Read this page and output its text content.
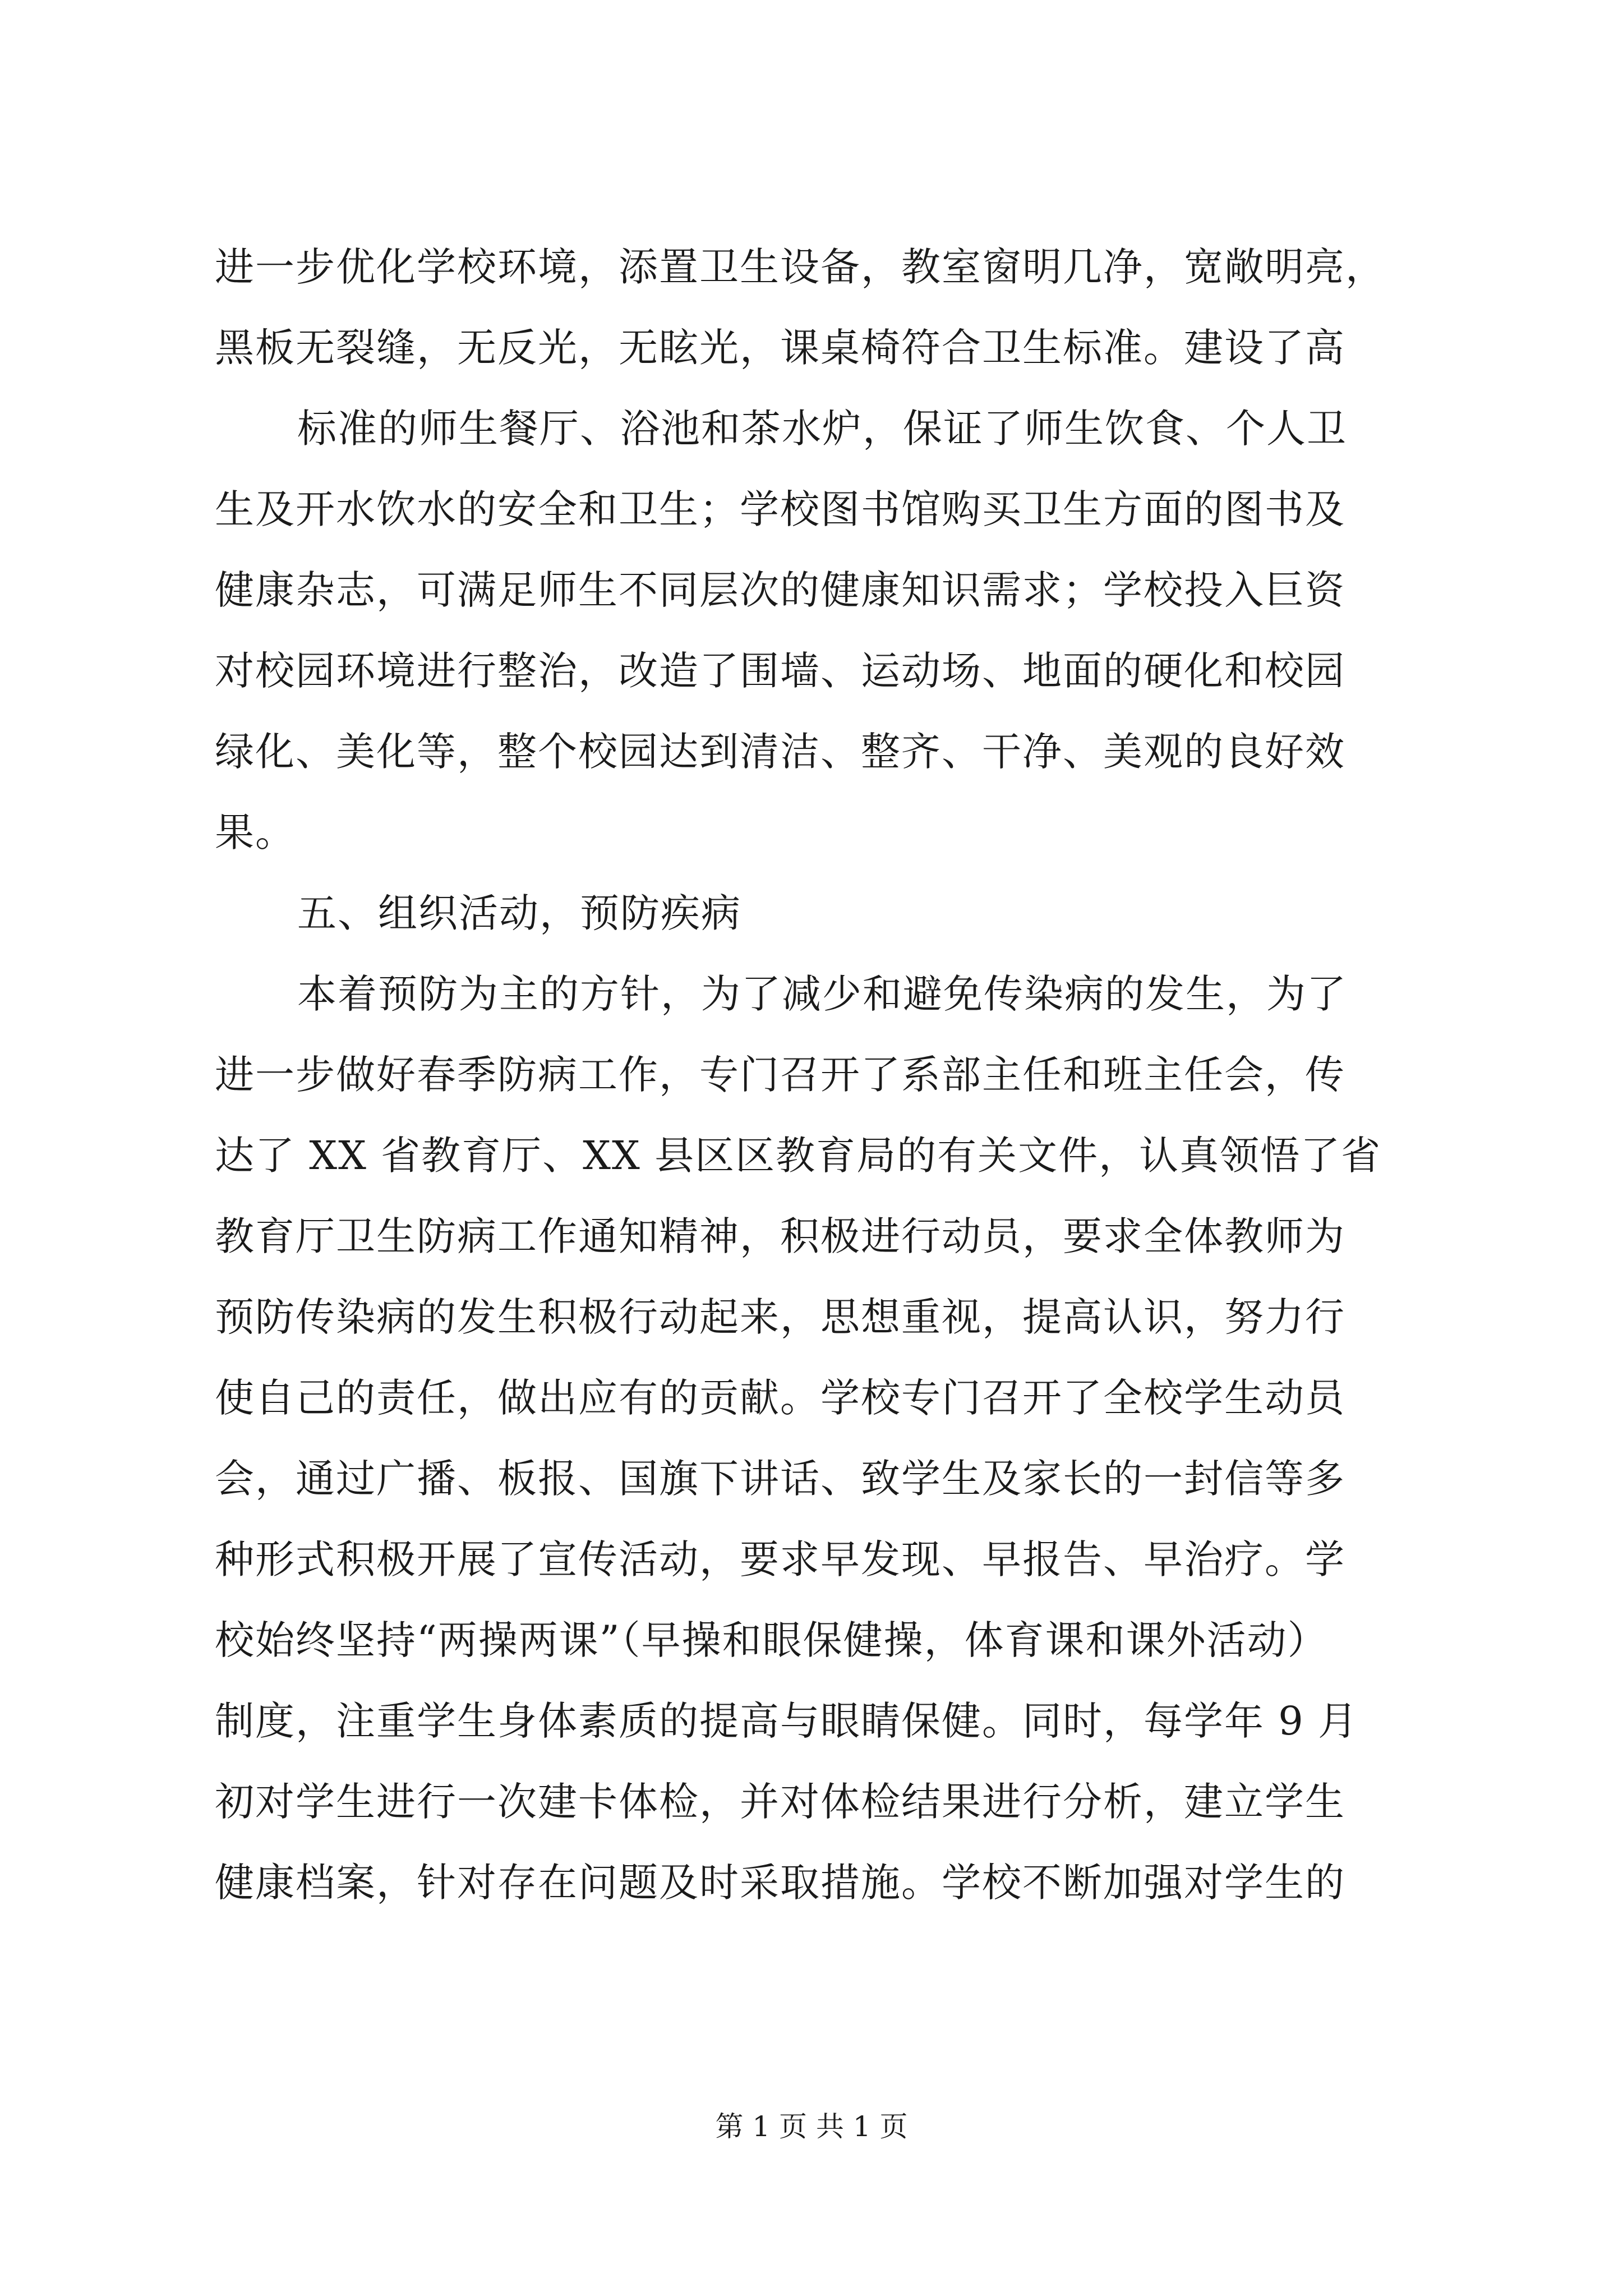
进一步优化学校环境，添置卫生设备，教室窗明几净，宽敞明亮，
黑板无裂缝，无反光，无眩光，课桌椅符合卫生标准。建设了高
标准的师生餐厅、浴池和茶水炉，保证了师生饮食、个人卫
生及开水饮水的安全和卫生；学校图书馆购买卫生方面的图书及
健康杂志，可满足师生不同层次的健康知识需求；学校投入巨资
对校园环境进行整治，改造了围墙、运动场、地面的硬化和校园
绿化、美化等，整个校园达到清洁、整齐、干净、美观的良好效
果。
五、组织活动，预防疾病
本着预防为主的方针，为了减少和避免传染病的发生，为了
进一步做好春季防病工作，专门召开了系部主任和班主任会，传
达了 XX 省教育厅、XX 县区区教育局的有关文件，认真领悟了省
教育厅卫生防病工作通知精神，积极进行动员，要求全体教师为
预防传染病的发生积极行动起来，思想重视，提高认识，努力行
使自己的责任，做出应有的贡献。学校专门召开了全校学生动员
会，通过广播、板报、国旗下讲话、致学生及家长的一封信等多
种形式积极开展了宣传活动，要求早发现、早报告、早治疗。学
校始终坚持“两操两课”（早操和眼保健操，体育课和课外活动）
制度，注重学生身体素质的提高与眼睛保健。同时，每学年 9 月
初对学生进行一次建卡体检，并对体检结果进行分析，建立学生
健康档案，针对存在问题及时采取措施。学校不断加强对学生的
第 1 页 共 1 页
